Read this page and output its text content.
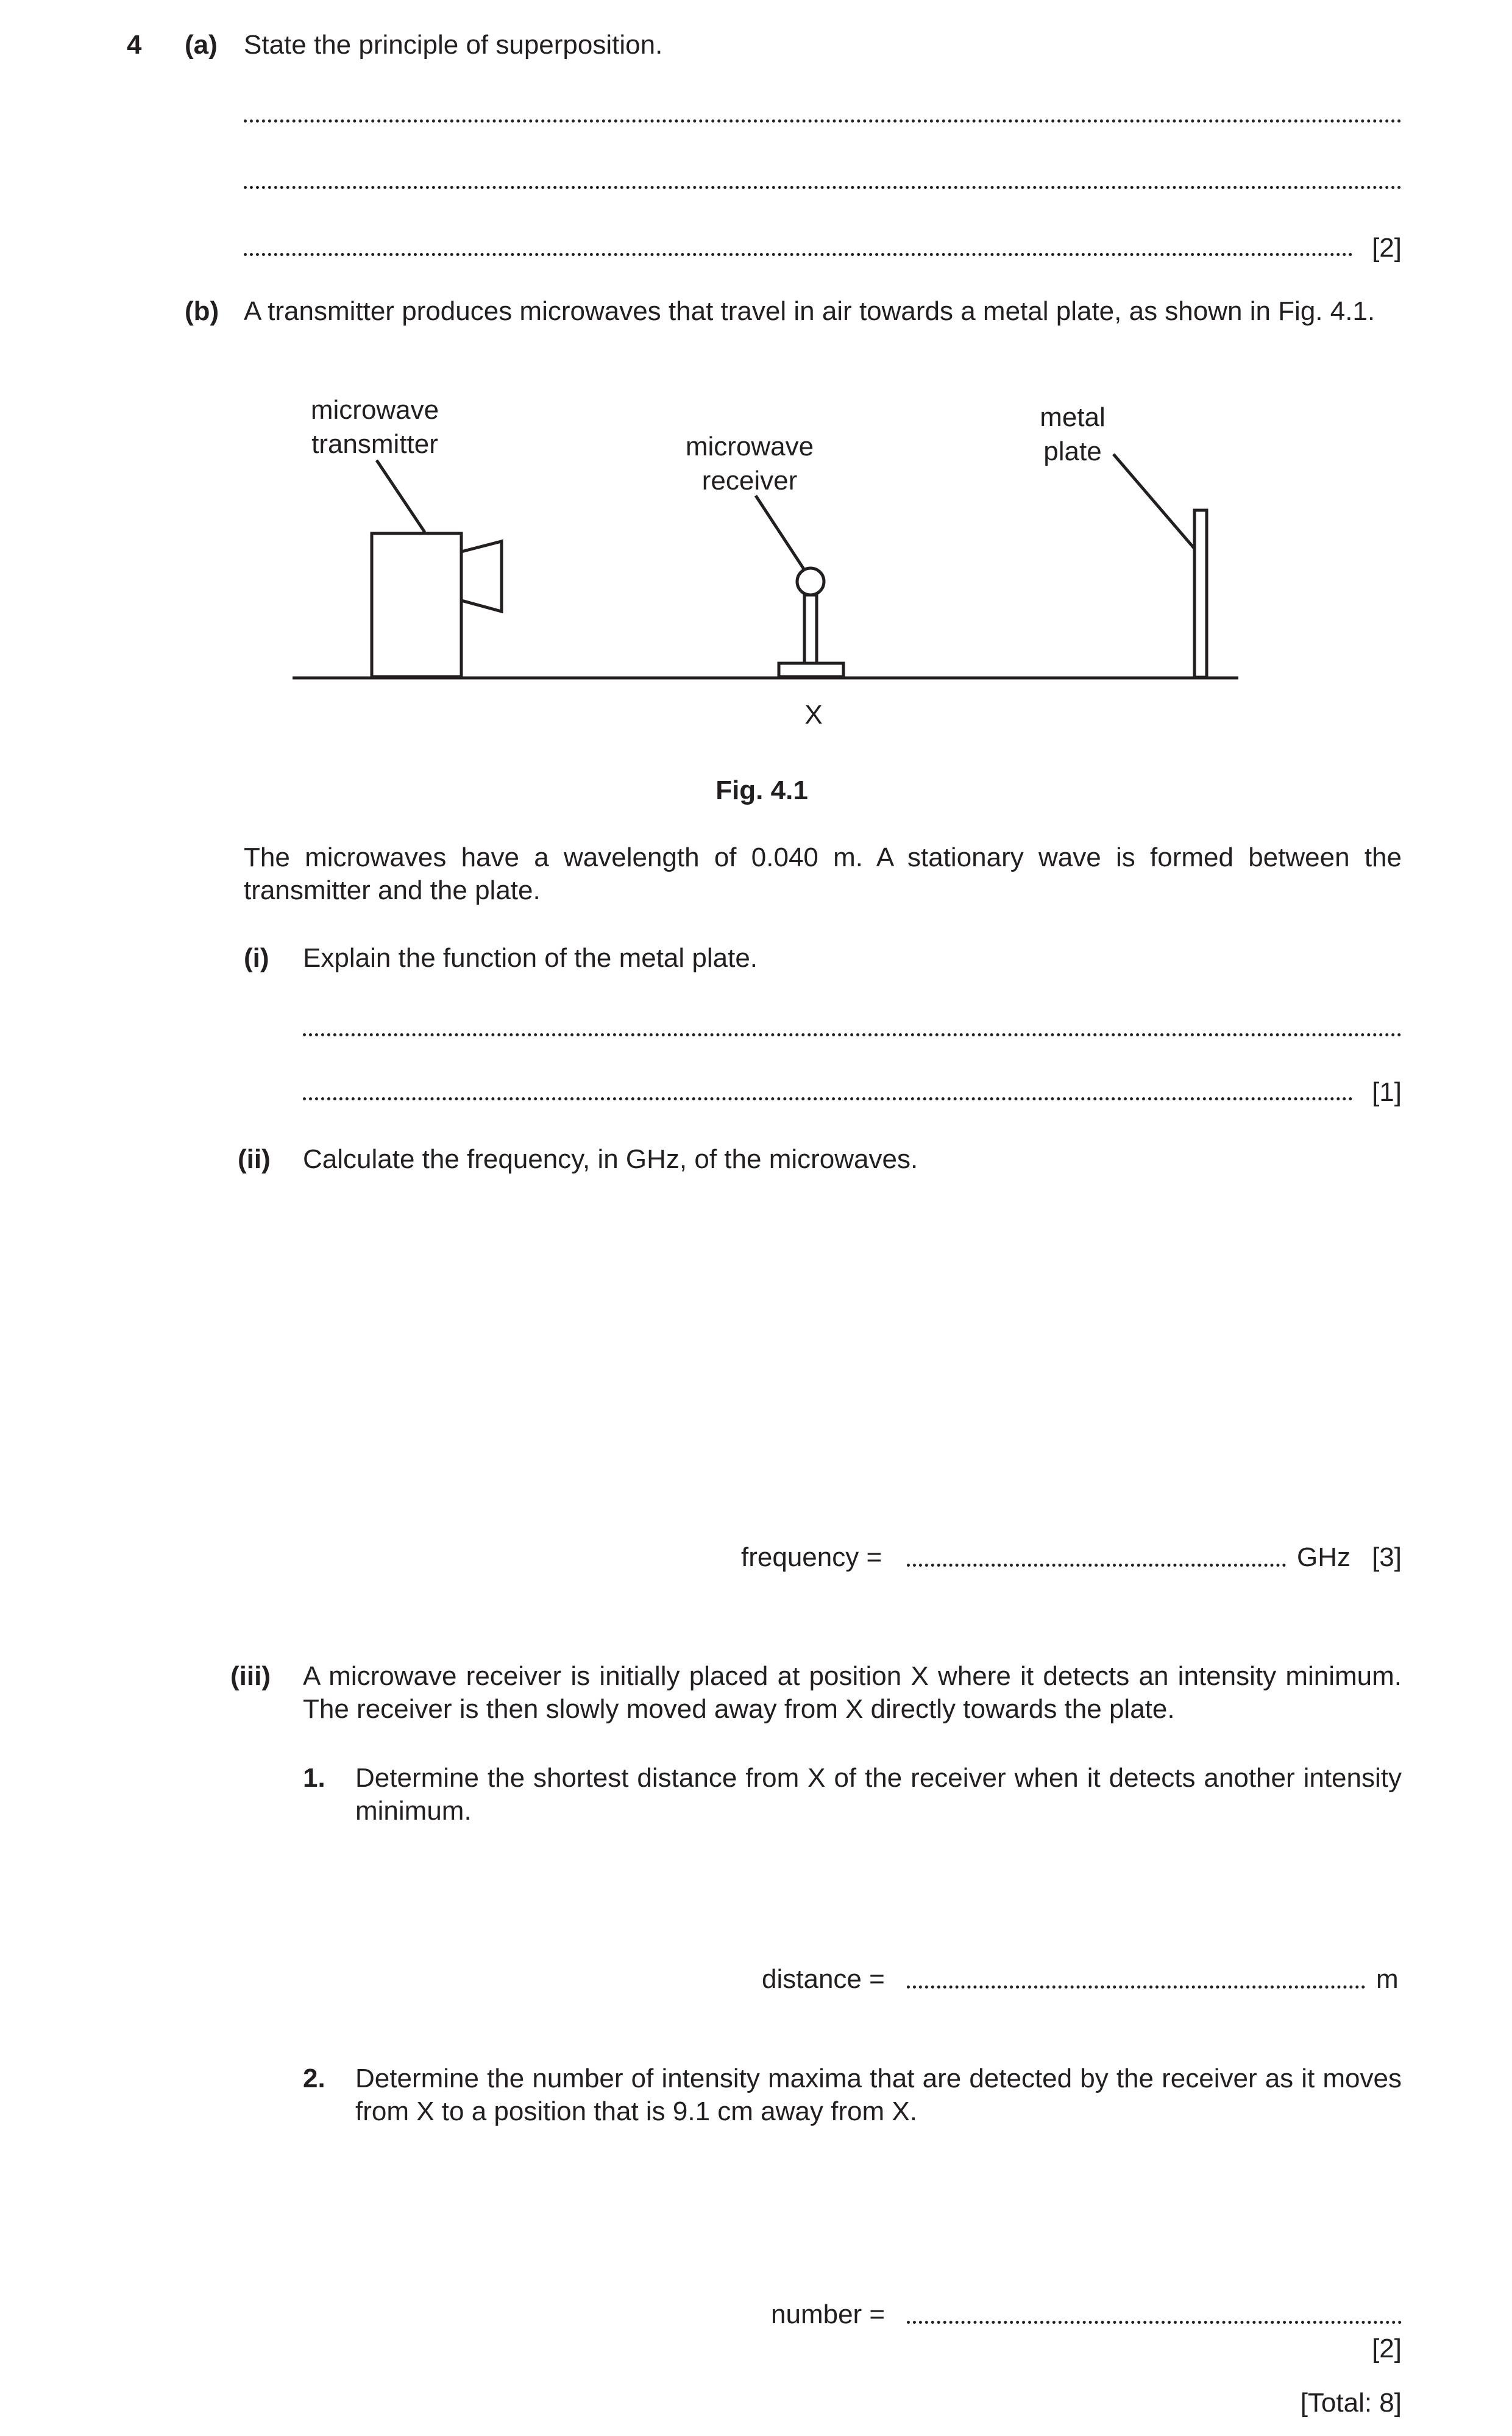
4 (a) State the principle of superposition.
[2]
(b) A transmitter produces microwaves that travel in air towards a metal plate, as shown in Fig. 4.1.
microwave transmitter	microwave receiver
metal plate
X
Fig. 4.1
The microwaves have a wavelength of 0.040 m. A stationary wave is formed between the transmitter and the plate.
(i) Explain the function of the metal plate.
[1]
(ii) Calculate the frequency, in GHz, of the microwaves.
frequency =	GHz [3]
(iii) A microwave receiver is initially placed at position X where it detects an intensity minimum. The receiver is then slowly moved away from X directly towards the plate.
1. Determine the shortest distance from X of the receiver when it detects another intensity minimum.
distance =	m
2. Determine the number of intensity maxima that are detected by the receiver as it moves from X to a position that is 9.1 cm away from X.
number =
[2]
[Total: 8]
